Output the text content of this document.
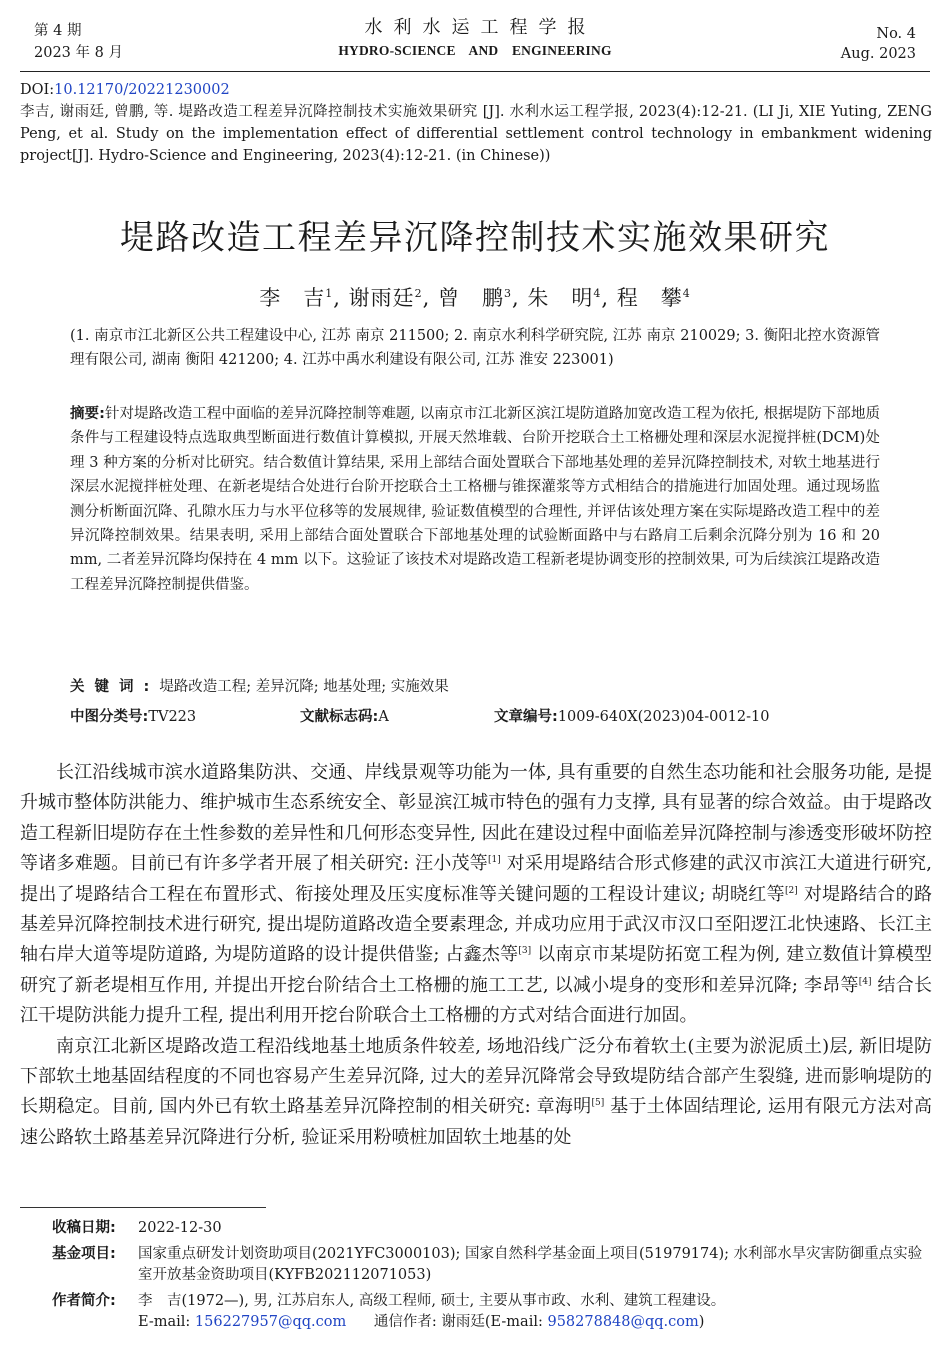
第 4 期
2023 年 8 月
水利水运工程学报
HYDRO-SCIENCE AND ENGINEERING
No. 4
Aug. 2023
DOI:10.12170/20221230002
李吉, 谢雨廷, 曾鹏, 等. 堤路改造工程差异沉降控制技术实施效果研究 [J]. 水利水运工程学报, 2023(4):12-21. (LI Ji, XIE Yuting, ZENG Peng, et al. Study on the implementation effect of differential settlement control technology in embankment widening project[J]. Hydro-Science and Engineering, 2023(4):12-21. (in Chinese))
堤路改造工程差异沉降控制技术实施效果研究
李　吉$^1$, 谢雨廷$^2$, 曾　鹏$^3$, 朱　明$^4$, 程　攀$^4$
(1. 南京市江北新区公共工程建设中心, 江苏 南京 211500; 2. 南京水利科学研究院, 江苏 南京 210029; 3. 衡阳北控水资源管理有限公司, 湖南 衡阳 421200; 4. 江苏中禹水利建设有限公司, 江苏 淮安 223001)
摘要:针对堤路改造工程中面临的差异沉降控制等难题, 以南京市江北新区滨江堤防道路加宽改造工程为依托, 根据堤防下部地质条件与工程建设特点选取典型断面进行数值计算模拟, 开展天然堆载、台阶开挖联合土工格栅处理和深层水泥搅拌桩(DCM)处理 3 种方案的分析对比研究。结合数值计算结果, 采用上部结合面处置联合下部地基处理的差异沉降控制技术, 对软土地基进行深层水泥搅拌桩处理、在新老堤结合处进行台阶开挖联合土工格栅与锥探灌浆等方式相结合的措施进行加固处理。通过现场监测分析断面沉降、孔隙水压力与水平位移等的发展规律, 验证数值模型的合理性, 并评估该处理方案在实际堤路改造工程中的差异沉降控制效果。结果表明, 采用上部结合面处置联合下部地基处理的试验断面路中与右路肩工后剩余沉降分别为 16 和 20 mm, 二者差异沉降均保持在 4 mm 以下。这验证了该技术对堤路改造工程新老堤协调变形的控制效果, 可为后续滨江堤路改造工程差异沉降控制提供借鉴。
关键词:堤路改造工程; 差异沉降; 地基处理; 实施效果
中图分类号:TV223	文献标志码:A	文章编号:1009-640X(2023)04-0012-10

长江沿线城市滨水道路集防洪、交通、岸线景观等功能为一体, 具有重要的自然生态功能和社会服务功能, 是提升城市整体防洪能力、维护城市生态系统安全、彰显滨江城市特色的强有力支撑, 具有显著的综合效益。由于堤路改造工程新旧堤防存在土性参数的差异性和几何形态变异性, 因此在建设过程中面临差异沉降控制与渗透变形破坏防控等诸多难题。目前已有许多学者开展了相关研究: 汪小茂等[1] 对采用堤路结合形式修建的武汉市滨江大道进行研究, 提出了堤路结合工程在布置形式、衔接处理及压实度标准等关键问题的工程设计建议; 胡晓红等[2] 对堤路结合的路基差异沉降控制技术进行研究, 提出堤防道路改造全要素理念, 并成功应用于武汉市汉口至阳逻江北快速路、长江主轴右岸大道等堤防道路, 为堤防道路的设计提供借鉴; 占鑫杰等[3] 以南京市某堤防拓宽工程为例, 建立数值计算模型研究了新老堤相互作用, 并提出开挖台阶结合土工格栅的施工工艺, 以减小堤身的变形和差异沉降; 李昂等[4] 结合长江干堤防洪能力提升工程, 提出利用开挖台阶联合土工格栅的方式对结合面进行加固。

南京江北新区堤路改造工程沿线地基土地质条件较差, 场地沿线广泛分布着软土(主要为淤泥质土)层, 新旧堤防下部软土地基固结程度的不同也容易产生差异沉降, 过大的差异沉降常会导致堤防结合部产生裂缝, 进而影响堤防的长期稳定。目前, 国内外已有软土路基差异沉降控制的相关研究: 章海明[5] 基于土体固结理论, 运用有限元方法对高速公路软土路基差异沉降进行分析, 验证采用粉喷桩加固软土地基的处

收稿日期:	2022-12-30
基金项目:	国家重点研发计划资助项目(2021YFC3000103); 国家自然科学基金面上项目(51979174); 水利部水旱灾害防御重点实验室开放基金资助项目(KYFB202112071053)
作者简介:	李　吉(1972—), 男, 江苏启东人, 高级工程师, 硕士, 主要从事市政、水利、建筑工程建设。
E-mail: 156227957@qq.com 通信作者: 谢雨廷(E-mail: 958278848@qq.com)
